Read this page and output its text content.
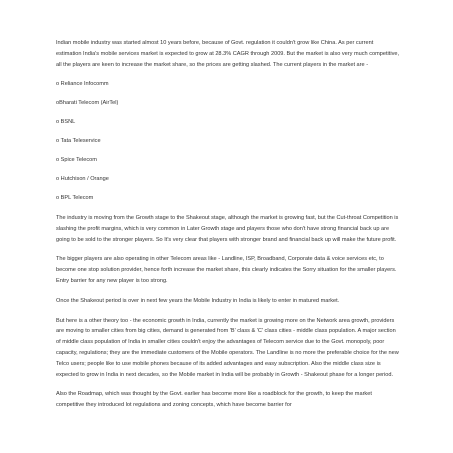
Indian mobile industry was started almost 10 years before, because of Govt. regulation it couldn't grow like China. As per current estimation India's mobile services market is expected to grow at 28.3% CAGR through 2009. But the market is also very much competitive, all the players are keen to increase the market share, so the prices are getting slashed. The current players in the market are -

o Reliance Infocomm

oBharati Telecom (AirTel)

o BSNL

o Tata Teleservice

o Spice Telecom

o Hutchison / Orange

o BPL Telecom

The industry is moving from the Growth stage to the Shakeout stage, although the market is growing fast, but the Cut-throat Competition is slashing the profit margins, which is very common in Later Growth stage and players those who don't have strong financial back up are going to be sold to the stronger players. So It's very clear that players with stronger brand and financial back up will make the future profit.

The bigger players are also operating in other Telecom areas like - Landline, ISP, Broadband, Corporate data & voice services etc, to become one stop solution provider, hence forth increase the market share, this clearly indicates the Sorry situation for the smaller players. Entry barrier for any new player is too strong.

Once the Shakeout period is over in next few years the Mobile Industry in India is likely to enter in matured market.

But here is a other theory too - the economic growth in India, currently the market is growing more on the Network area growth, providers are moving to smaller cities from big cities, demand is generated from 'B' class & 'C' class cities - middle class population. A major section of middle class population of India in smaller cities couldn't enjoy the advantages of Telecom service due to the Govt. monopoly, poor capacity, regulations; they are the immediate customers of the Mobile operators. The Landline is no more the preferable choice for the new Telco users; people like to use mobile phones because of its added advantages and easy subscription. Also the middle class size is expected to grow in India in next decades, so the Mobile market in India will be probably in Growth - Shakeout phase for a longer period.

Also the Roadmap, which was thought by the Govt. earlier has become more like a roadblock for the growth, to keep the market competitive they introduced lot regulations and zoning concepts, which have become barrier for
